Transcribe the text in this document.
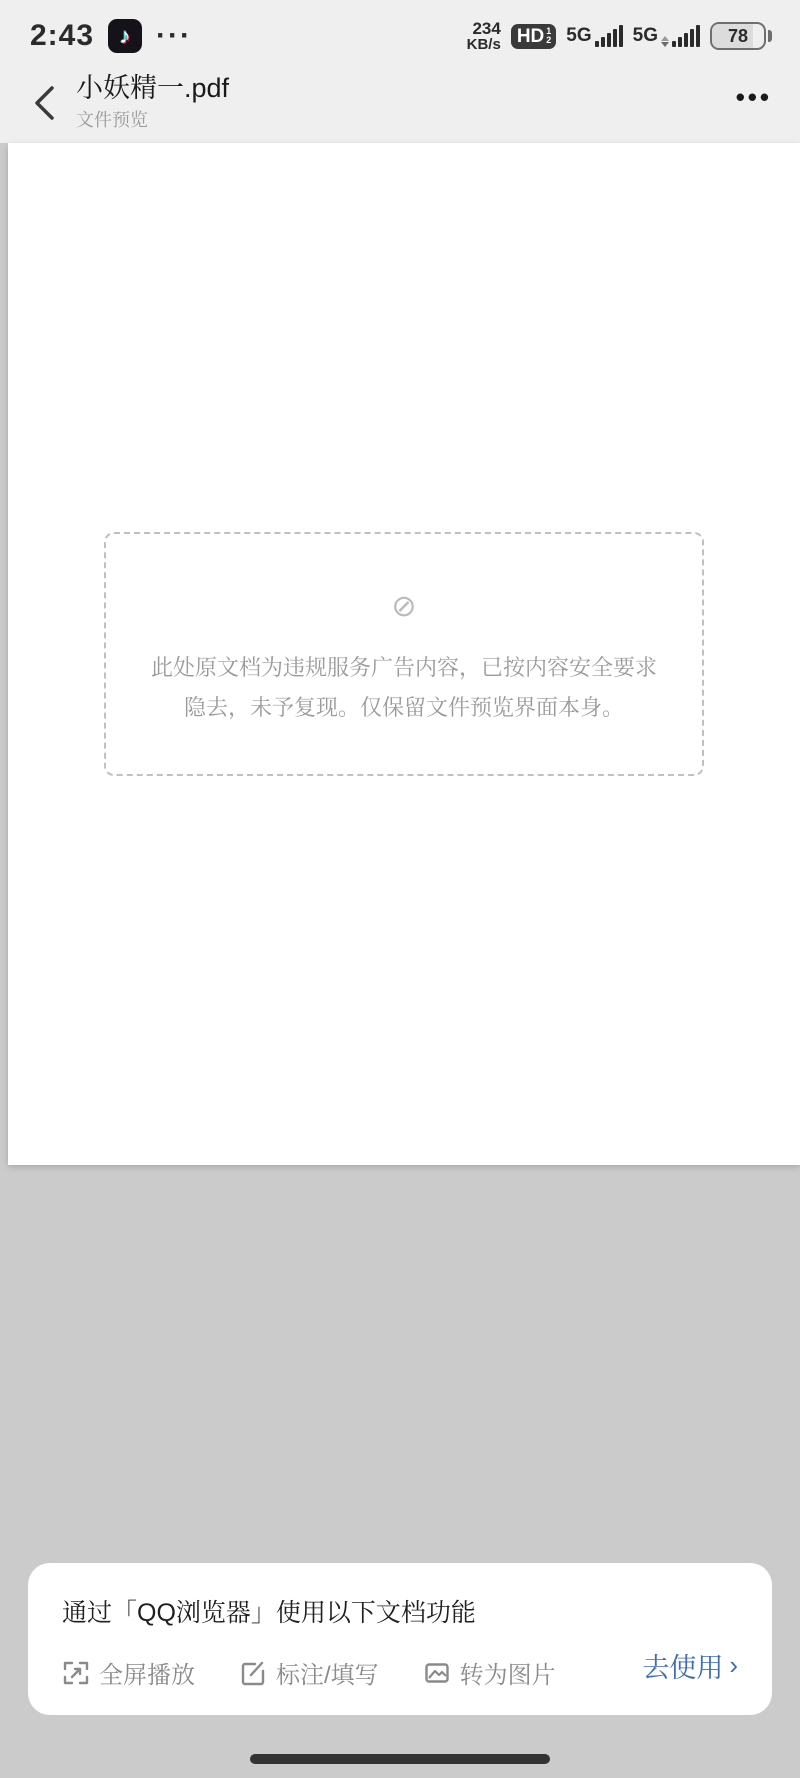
2:43 ♪ ···	234
KB/s HD 1
2 5G 5G	78
小妖精一.pdf
文件预览
•••
⊘
此处原文档为违规服务广告内容，已按内容安全要求隐去，未予复现。仅保留文件预览界面本身。
通过「QQ浏览器」使用以下文档功能
全屏播放	标注/填写	转为图片	去使用 ›
